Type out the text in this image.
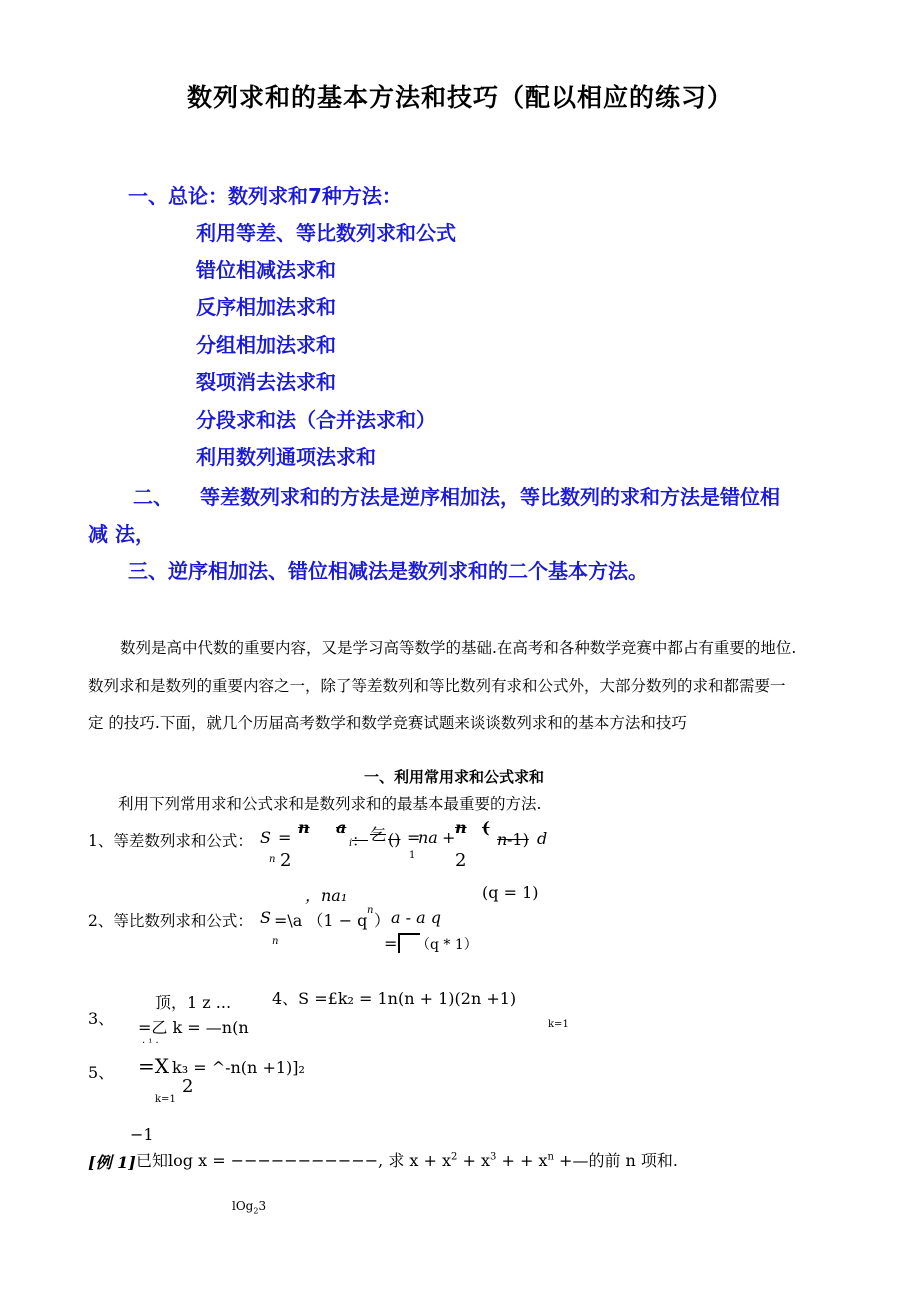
数列求和的基本方法和技巧（配以相应的练习）
一、总论：数列求和7种方法：
利用等差、等比数列求和公式
错位相减法求和
反序相加法求和
分组相加法求和
裂项消去法求和
分段求和法（合并法求和）
利用数列通项法求和
二、 等差数列求和的方法是逆序相加法，等比数列的求和方法是错位相
减 法，
三、逆序相加法、错位相减法是数列求和的二个基本方法。
数列是高中代数的重要内容，又是学习高等数学的基础.在高考和各种数学竞赛中都占有重要的地位.
数列求和是数列的重要内容之一，除了等差数列和等比数列有求和公式外，大部分数列的求和都需要一
定 的技巧.下面，就几个历届高考数学和数学竞赛试题来谈谈数列求和的基本方法和技巧
一、利用常用求和公式求和
利用下列常用求和公式求和是数列求和的最基本最重要的方法.
1、等差数列求和公式： S =
n a
i ： 乞 () =
na +
n (
n -1) d
n 2	1 2
，na₁	(q = 1)
2、等比数列求和公式： S =\a （1 − q
n
） a - a q
n	= （q * 1）
3、
顶，1 z ...
=乙 k = —n(n
· ¹ ·
4、S =£k₂ = 1n(n + 1)(2n +1)
k=1
5、 =X k₃ = ^-n(n +1)]₂
2
k=1
−1
[例 1] 已知log x = −−−−−−−−−−−, 求 $x + x^2 + x^3$ + + $x^n$ +—的前 n 项和.
lOg$_2$3
